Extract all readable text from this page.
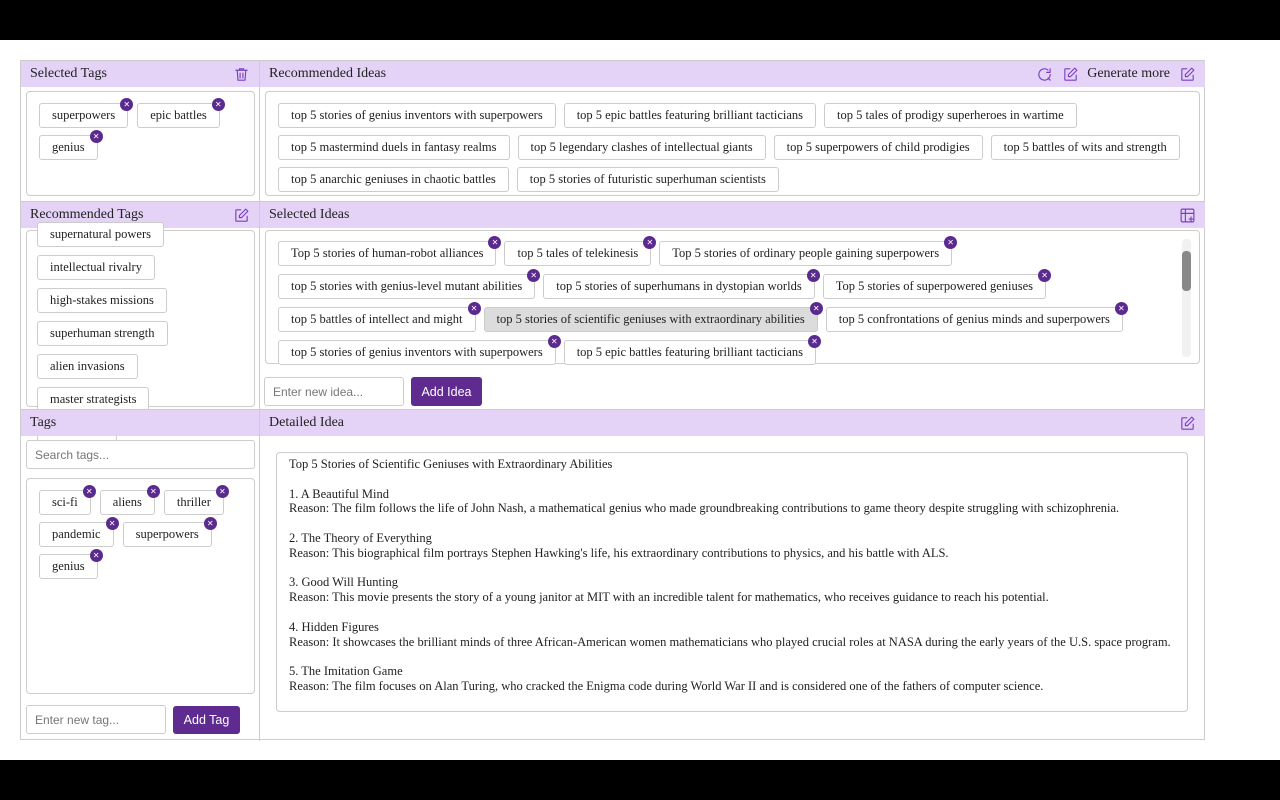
Selected Tags
superpowers
✕
epic battles
✕
genius
✕
Recommended Ideas	Generate more
top 5 stories of genius inventors with superpowers	top 5 epic battles featuring brilliant tacticians	top 5 tales of prodigy superheroes in wartime
top 5 mastermind duels in fantasy realms	top 5 legendary clashes of intellectual giants	top 5 superpowers of child prodigies	top 5 battles of wits and strength
top 5 anarchic geniuses in chaotic battles	top 5 stories of futuristic superhuman scientists
Recommended Tags
supernatural powers
intellectual rivalry
high-stakes missions
superhuman strength
alien invasions
master strategists
Selected Ideas
Top 5 stories of human-robot alliances
✕
top 5 tales of telekinesis
✕
Top 5 stories of ordinary people gaining superpowers
✕
top 5 stories with genius-level mutant abilities
✕
top 5 stories of superhumans in dystopian worlds
✕
Top 5 stories of superpowered geniuses
✕
top 5 battles of intellect and might
✕
top 5 stories of scientific geniuses with extraordinary abilities
✕
top 5 confrontations of genius minds and superpowers
✕
top 5 stories of genius inventors with superpowers
✕
top 5 epic battles featuring brilliant tacticians
✕
Enter new idea...	Add Idea
Tags
Search tags...
sci-fi
✕
aliens
✕
thriller
✕
pandemic
✕
superpowers
✕
genius
✕
Enter new tag...	Add Tag
Detailed Idea

Top 5 Stories of Scientific Geniuses with Extraordinary Abilities

1. A Beautiful Mind

Reason: The film follows the life of John Nash, a mathematical genius who made groundbreaking contributions to game theory despite struggling with schizophrenia.

2. The Theory of Everything

Reason: This biographical film portrays Stephen Hawking's life, his extraordinary contributions to physics, and his battle with ALS.

3. Good Will Hunting

Reason: This movie presents the story of a young janitor at MIT with an incredible talent for mathematics, who receives guidance to reach his potential.

4. Hidden Figures

Reason: It showcases the brilliant minds of three African-American women mathematicians who played crucial roles at NASA during the early years of the U.S. space program.

5. The Imitation Game

Reason: The film focuses on Alan Turing, who cracked the Enigma code during World War II and is considered one of the fathers of computer science.
